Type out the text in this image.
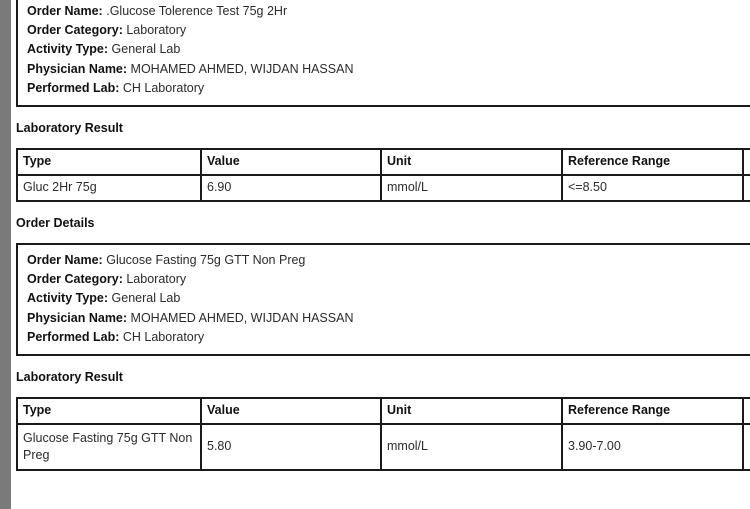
Order Name: .Glucose Tolerence Test 75g 2Hr
Order Category: Laboratory
Activity Type: General Lab
Physician Name: MOHAMED AHMED, WIJDAN HASSAN
Performed Lab: CH Laboratory
Laboratory Result
Type	Value	Unit	Reference Range	
Gluc 2Hr 75g	6.90	mmol/L	<=8.50	
Order Details
Order Name: Glucose Fasting 75g GTT Non Preg
Order Category: Laboratory
Activity Type: General Lab
Physician Name: MOHAMED AHMED, WIJDAN HASSAN
Performed Lab: CH Laboratory
Laboratory Result
Type	Value	Unit	Reference Range	
Glucose Fasting 75g GTT Non Preg	5.80	mmol/L	3.90-7.00	
